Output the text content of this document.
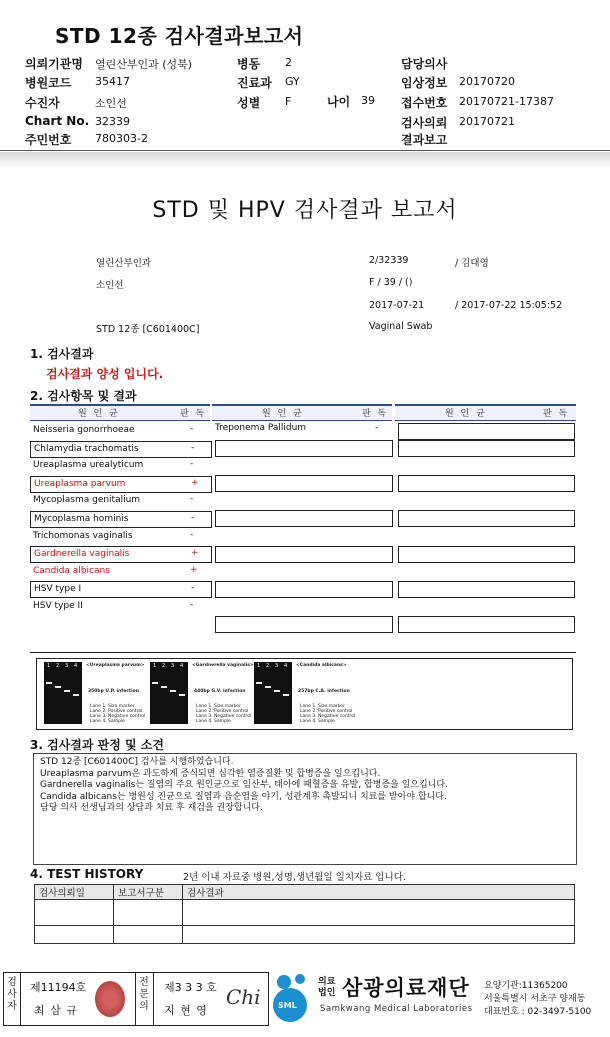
STD 12종 검사결과보고서
의뢰기관명 열린산부인과 (성북)
병원코드 35417
수진자	소인선
Chart No. 32339
주민번호 780303-2
병동 2
진료과 GY
성별 F
담당의사
임상정보 20170720
접수번호 20170721-17387
검사의뢰 20170721
결과보고
나이 39
STD 및 HPV 검사결과 보고서
열린산부인과	2/32339	/ 김대영
소인선	F / 39 / ()
2017-07-21	/ 2017-07-22 15:05:52
STD 12종 [C601400C]	Vaginal Swab
1. 검사결과
검사결과 양성 입니다.
2. 검사항목 및 결과
원 인 균	판 독	원 인 균	판 독	원 인 균	판 독
Neisseria gonorrhoeae	-
Chlamydia trachomatis	-
Ureaplasma urealyticum	-
Ureaplasma parvum	+
Mycoplasma genitalium	-
Mycoplasma hominis	-
Trichomonas vaginalis	-
Gardnerella vaginalis	+
Candida albicans	+
HSV type I	-
HSV type II	-
Treponema Pallidum	-
1 2 3 4 <Ureaplasma parvum>
350bp U.P. infection
Lane 1. Size marker
Lane 2. Positive control
Lane 3. Negative control
Lane 4. Sample
1 2 3 4 <Gardnerella vaginalis>
440bp G.V. infection
Lane 1. Size marker
Lane 2. Positive control
Lane 3. Negative control
Lane 4. Sample
1 2 3 4 <Candida albicans>
257bp C.A. infection
Lane 1. Size marker
Lane 2. Positive control
Lane 3. Negative control
Lane 4. Sample
3. 검사결과 판정 및 소견
STD 12종 [C601400C] 검사를 시행하였습니다.
Ureaplasma parvum은 과도하게 증식되면 심각한 염증질환 및 합병증을 일으킵니다.
Gardnerella vaginalis는 질염의 주요 원인균으로 임산부, 태아에 패혈증을 유발, 합병증을 일으킵니다.
Candida albicans는 병원성 진균으로 질염과 음순염을 야기, 성관계후 촉발되니 치료를 받아야 합니다.
담당 의사 선생님과의 상담과 치료 후 재검을 권장합니다.
4. TEST HISTORY	2년 이내 자료중 병원,성명,생년월일 일치자료 입니다.
검사의뢰일	보고서구분	검사결과

검사자
제11194호
최 삼 규
전문의
제3 3 3 호
지 현 영
Chi SML
의료법인 삼광의료재단
Samkwang Medical Laboratories
요양기관:11365200
서울특별시 서초구 양재동
대표번호 : 02-3497-5100
